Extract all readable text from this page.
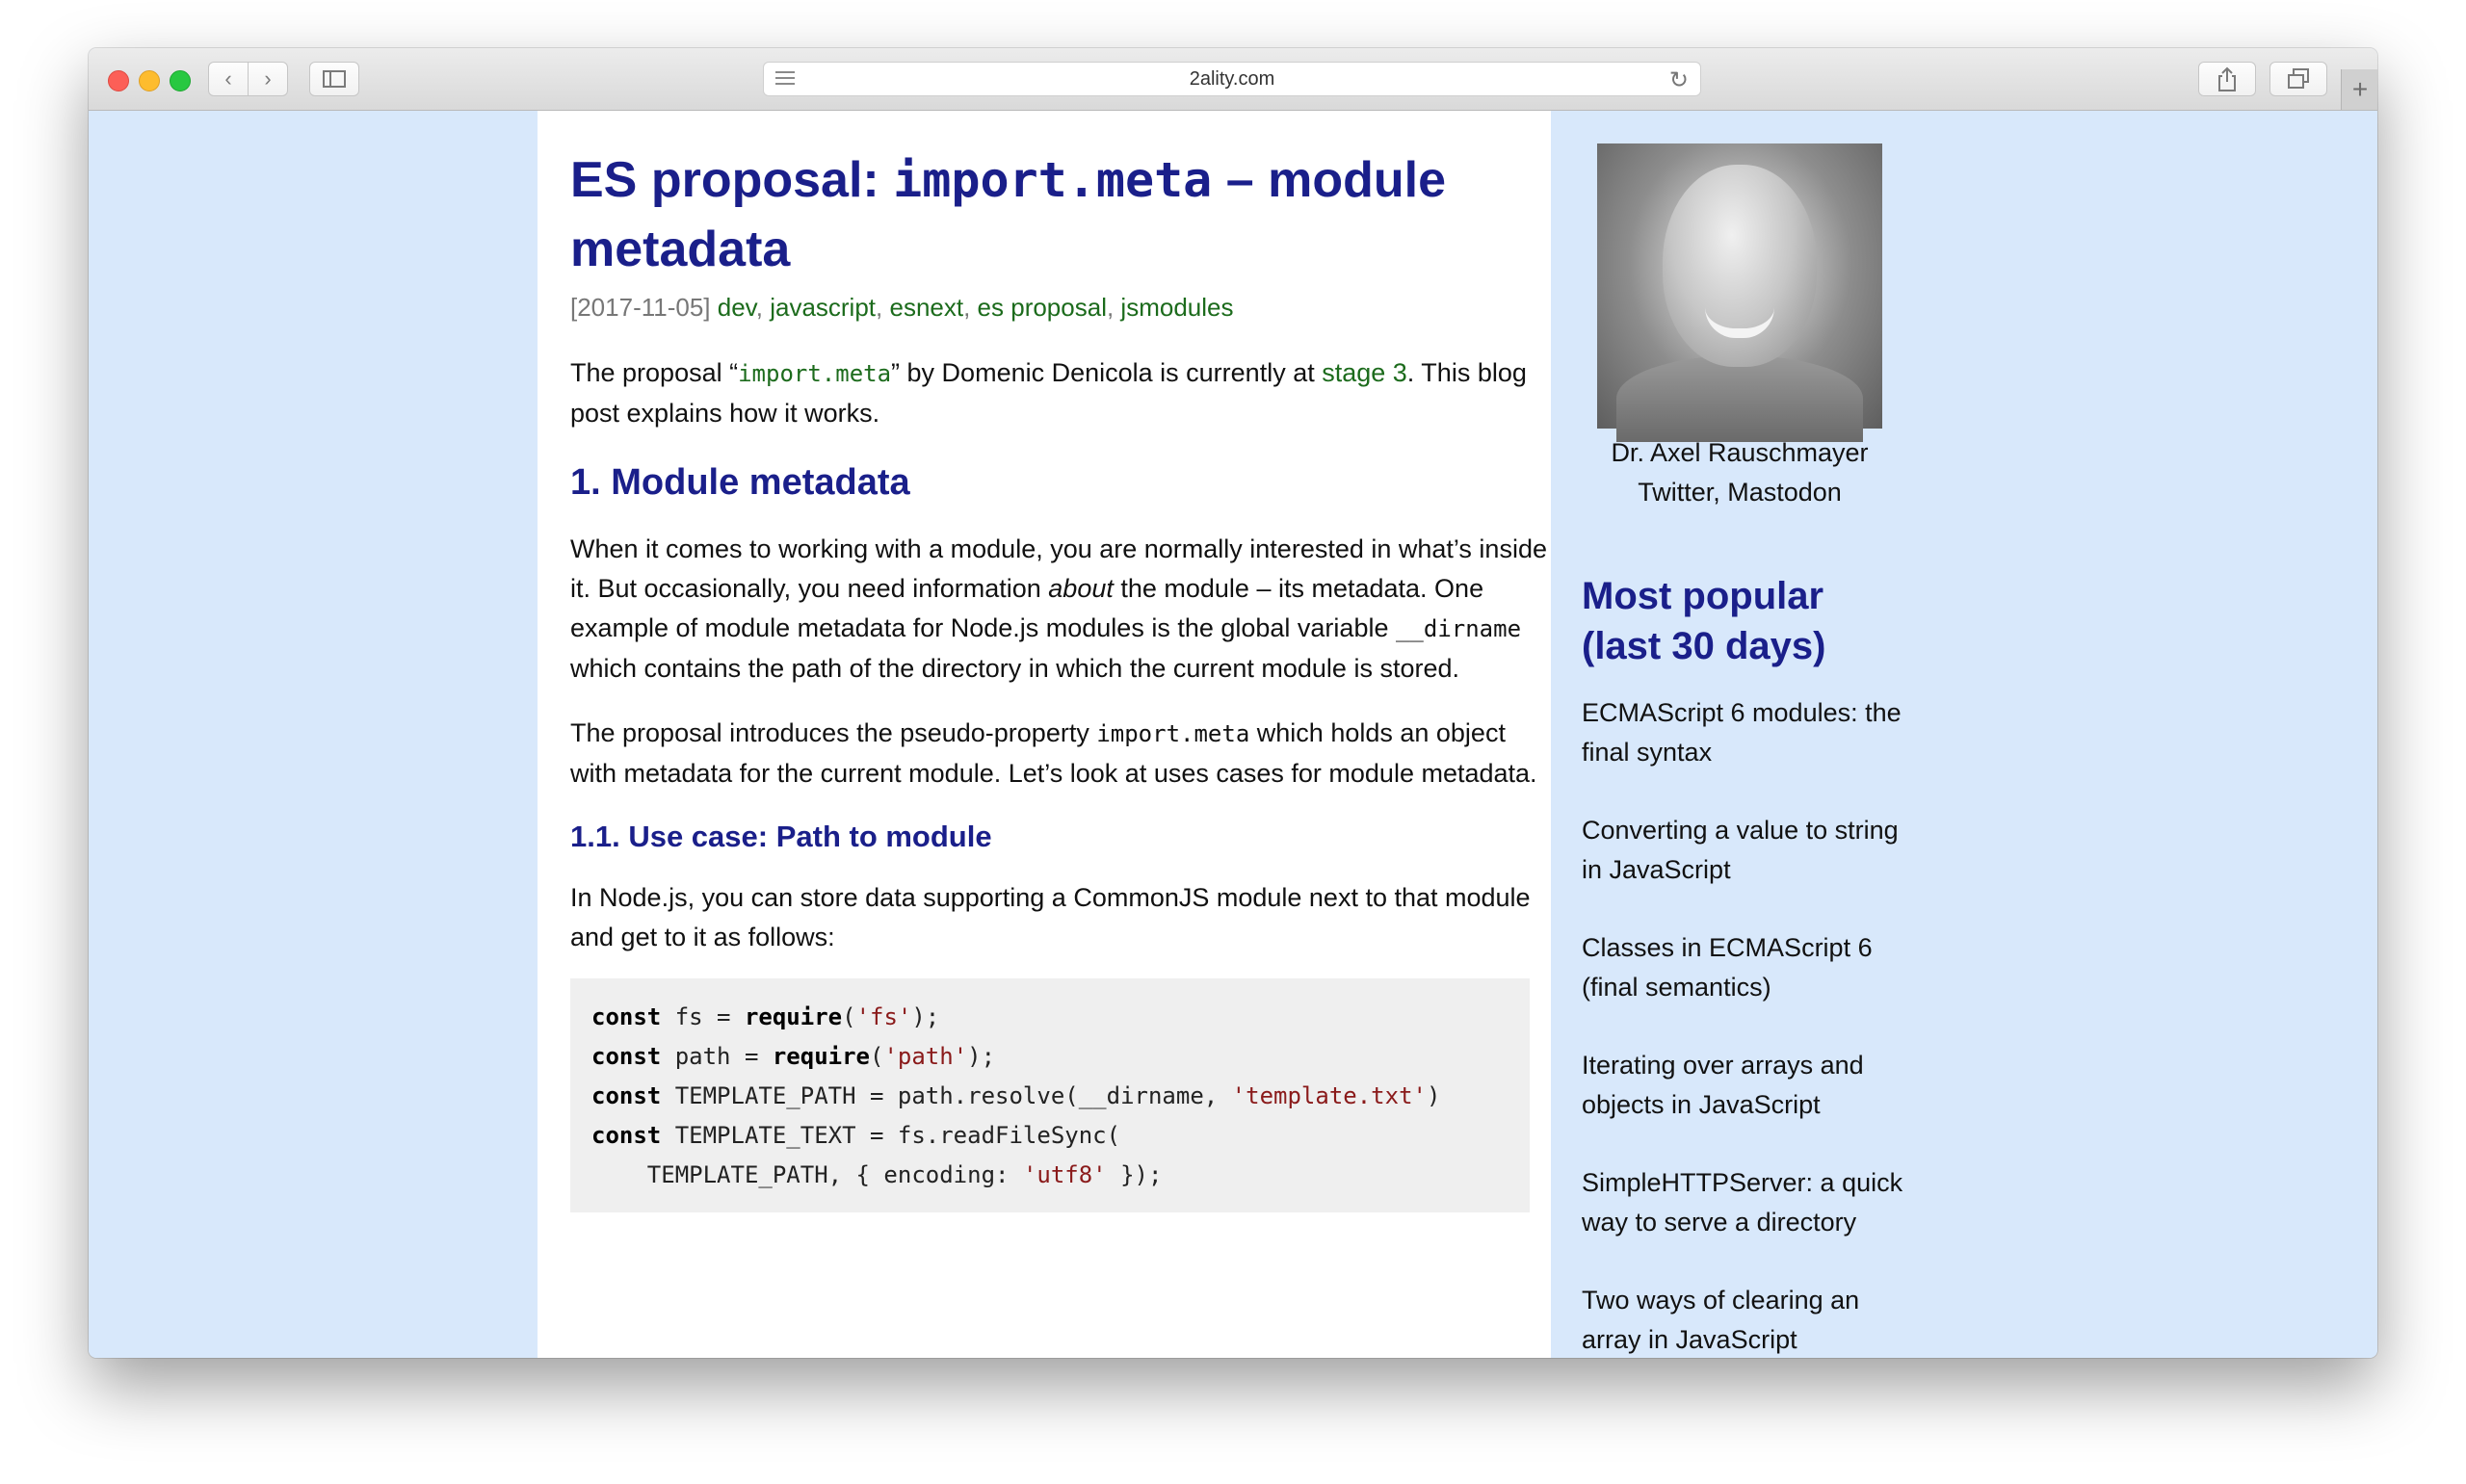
‹ ›	2ality.com	↻	+
ES proposal: import.meta – module metadata
[2017-11-05] dev, javascript, esnext, es proposal, jsmodules

The proposal “import.meta” by Domenic Denicola is currently at stage 3. This blog post explains how it works.

1. Module metadata

When it comes to working with a module, you are normally interested in what’s inside it. But occasionally, you need information about the module – its metadata. One example of module metadata for Node.js modules is the global variable __dirname which contains the path of the directory in which the current module is stored.

The proposal introduces the pseudo-property import.meta which holds an object with metadata for the current module. Let’s look at uses cases for module metadata.

1.1. Use case: Path to module

In Node.js, you can store data supporting a CommonJS module next to that module and get to it as follows:

const fs = require('fs');
const path = require('path');
const TEMPLATE_PATH = path.resolve(__dirname, 'template.txt')
const TEMPLATE_TEXT = fs.readFileSync(
TEMPLATE_PATH, { encoding: 'utf8' });
Dr. Axel Rauschmayer
Twitter, Mastodon
Most popular (last 30 days)
ECMAScript 6 modules: the final syntax
Converting a value to string in JavaScript
Classes in ECMAScript 6 (final semantics)
Iterating over arrays and objects in JavaScript
SimpleHTTPServer: a quick way to serve a directory
Two ways of clearing an array in JavaScript
